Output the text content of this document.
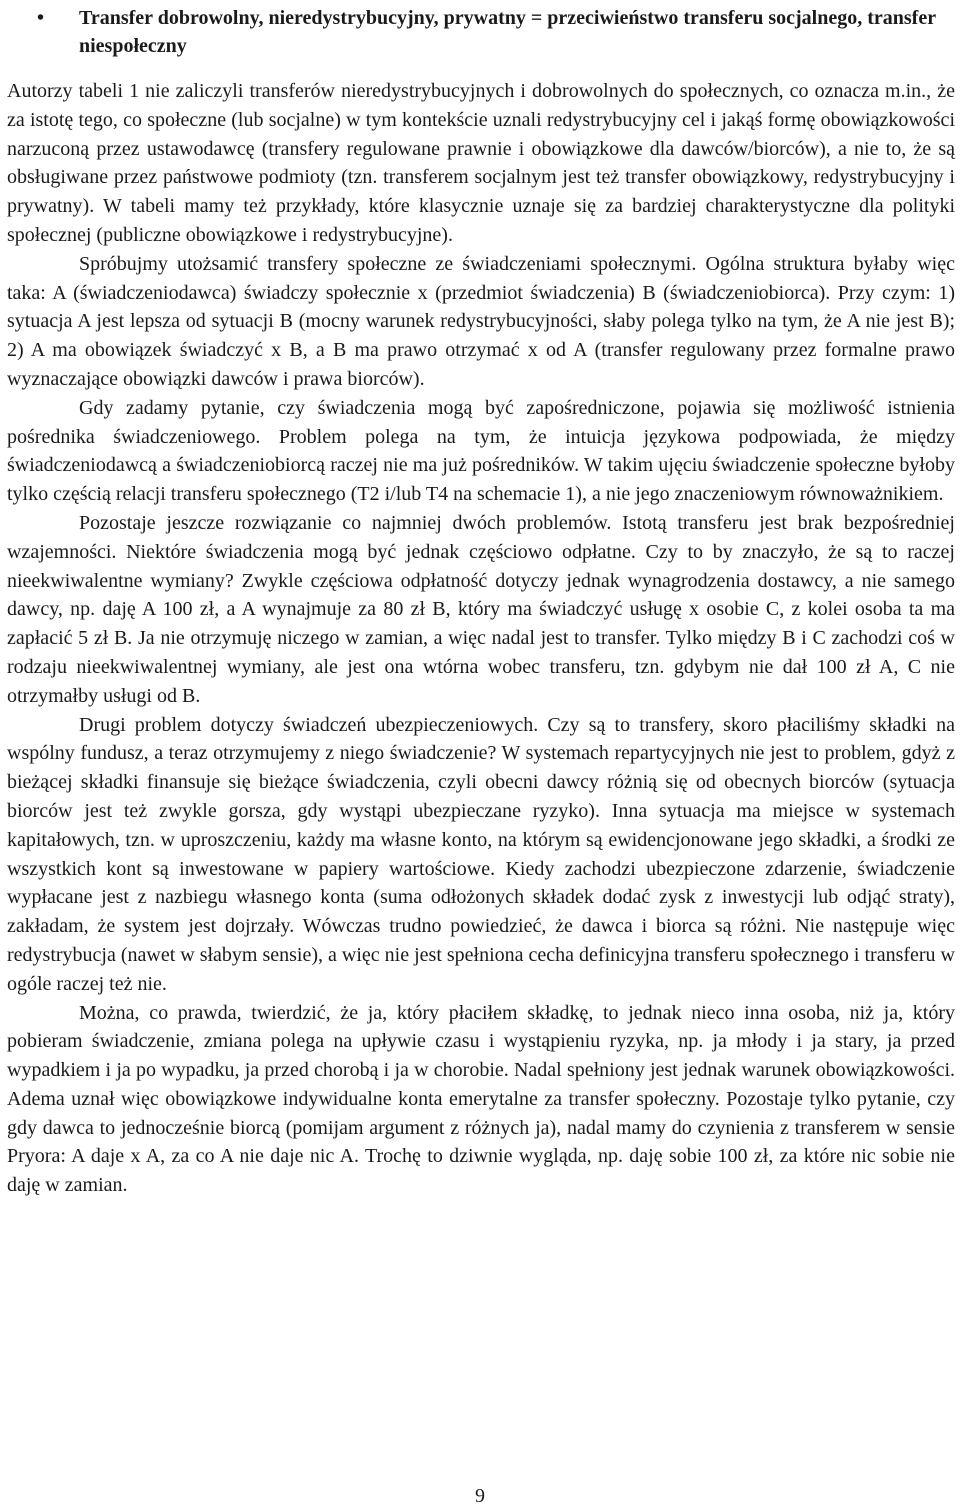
•	Transfer dobrowolny, nieredystrybucyjny, prywatny = przeciwieństwo transferu socjalnego, transfer niespołeczny

Autorzy tabeli 1 nie zaliczyli transferów nieredystrybucyjnych i dobrowolnych do społecznych, co oznacza m.in., że za istotę tego, co społeczne (lub socjalne) w tym kontekście uznali redystrybucyjny cel i jakąś formę obowiązkowości narzuconą przez ustawodawcę (transfery regulowane prawnie i obowiązkowe dla dawców/biorców), a nie to, że są obsługiwane przez państwowe podmioty (tzn. transferem socjalnym jest też transfer obowiązkowy, redystrybucyjny i prywatny). W tabeli mamy też przykłady, które klasycznie uznaje się za bardziej charakterystyczne dla polityki społecznej (publiczne obowiązkowe i redystrybucyjne).

Spróbujmy utożsamić transfery społeczne ze świadczeniami społecznymi. Ogólna struktura byłaby więc taka: A (świadczeniodawca) świadczy społecznie x (przedmiot świadczenia) B (świadczeniobiorca). Przy czym: 1) sytuacja A jest lepsza od sytuacji B (mocny warunek redystrybucyjności, słaby polega tylko na tym, że A nie jest B); 2) A ma obowiązek świadczyć x B, a B ma prawo otrzymać x od A (transfer regulowany przez formalne prawo wyznaczające obowiązki dawców i prawa biorców).

Gdy zadamy pytanie, czy świadczenia mogą być zapośredniczone, pojawia się możliwość istnienia pośrednika świadczeniowego. Problem polega na tym, że intuicja językowa podpowiada, że między świadczeniodawcą a świadczeniobiorcą raczej nie ma już pośredników. W takim ujęciu świadczenie społeczne byłoby tylko częścią relacji transferu społecznego (T2 i/lub T4 na schemacie 1), a nie jego znaczeniowym równoważnikiem.

Pozostaje jeszcze rozwiązanie co najmniej dwóch problemów. Istotą transferu jest brak bezpośredniej wzajemności. Niektóre świadczenia mogą być jednak częściowo odpłatne. Czy to by znaczyło, że są to raczej nieekwiwalentne wymiany? Zwykle częściowa odpłatność dotyczy jednak wynagrodzenia dostawcy, a nie samego dawcy, np. daję A 100 zł, a A wynajmuje za 80 zł B, który ma świadczyć usługę x osobie C, z kolei osoba ta ma zapłacić 5 zł B. Ja nie otrzymuję niczego w zamian, a więc nadal jest to transfer. Tylko między B i C zachodzi coś w rodzaju nieekwiwalentnej wymiany, ale jest ona wtórna wobec transferu, tzn. gdybym nie dał 100 zł A, C nie otrzymałby usługi od B.

Drugi problem dotyczy świadczeń ubezpieczeniowych. Czy są to transfery, skoro płaciliśmy składki na wspólny fundusz, a teraz otrzymujemy z niego świadczenie? W systemach repartycyjnych nie jest to problem, gdyż z bieżącej składki finansuje się bieżące świadczenia, czyli obecni dawcy różnią się od obecnych biorców (sytuacja biorców jest też zwykle gorsza, gdy wystąpi ubezpieczane ryzyko). Inna sytuacja ma miejsce w systemach kapitałowych, tzn. w uproszczeniu, każdy ma własne konto, na którym są ewidencjonowane jego składki, a środki ze wszystkich kont są inwestowane w papiery wartościowe. Kiedy zachodzi ubezpieczone zdarzenie, świadczenie wypłacane jest z nazbiegu własnego konta (suma odłożonych składek dodać zysk z inwestycji lub odjąć straty), zakładam, że system jest dojrzały. Wówczas trudno powiedzieć, że dawca i biorca są różni. Nie następuje więc redystrybucja (nawet w słabym sensie), a więc nie jest spełniona cecha definicyjna transferu społecznego i transferu w ogóle raczej też nie.

Można, co prawda, twierdzić, że ja, który płaciłem składkę, to jednak nieco inna osoba, niż ja, który pobieram świadczenie, zmiana polega na upływie czasu i wystąpieniu ryzyka, np. ja młody i ja stary, ja przed wypadkiem i ja po wypadku, ja przed chorobą i ja w chorobie. Nadal spełniony jest jednak warunek obowiązkowości. Adema uznał więc obowiązkowe indywidualne konta emerytalne za transfer społeczny. Pozostaje tylko pytanie, czy gdy dawca to jednocześnie biorcą (pomijam argument z różnych ja), nadal mamy do czynienia z transferem w sensie Pryora: A daje x A, za co A nie daje nic A. Trochę to dziwnie wygląda, np. daję sobie 100 zł, za które nic sobie nie daję w zamian.

9
